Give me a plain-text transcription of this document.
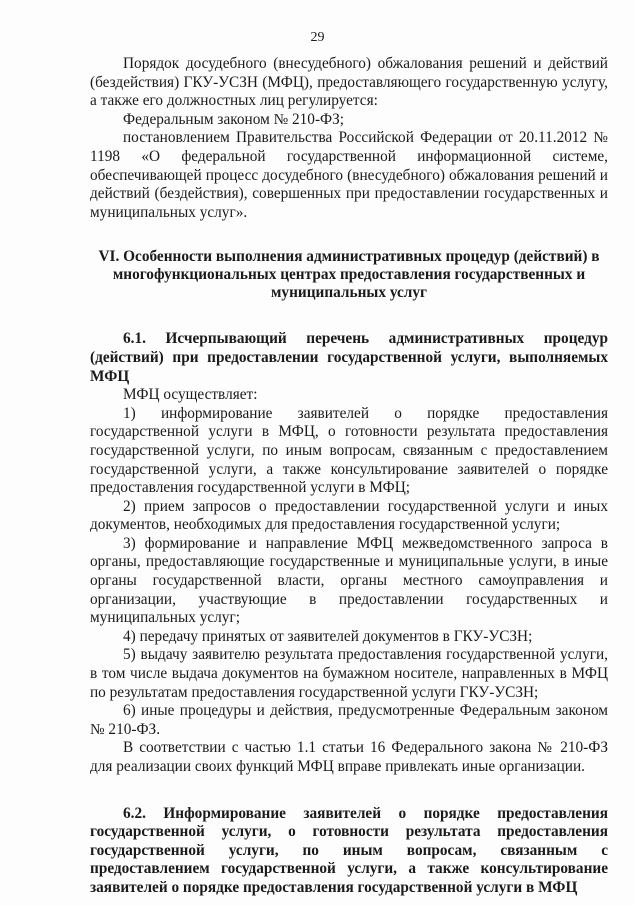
29

Порядок досудебного (внесудебного) обжалования решений и действий (бездействия) ГКУ-УСЗН (МФЦ), предоставляющего государственную услугу, а также его должностных лиц регулируется:

Федеральным законом № 210-ФЗ;

постановлением Правительства Российской Федерации от 20.11.2012 № 1198 «О федеральной государственной информационной системе, обеспечивающей процесс досудебного (внесудебного) обжалования решений и действий (бездействия), совершенных при предоставлении государственных и муниципальных услуг».

VI. Особенности выполнения административных процедур (действий) в многофункциональных центрах предоставления государственных и муниципальных услуг

6.1. Исчерпывающий перечень административных процедур (действий) при предоставлении государственной услуги, выполняемых МФЦ

МФЦ осуществляет:

1) информирование заявителей о порядке предоставления государственной услуги в МФЦ, о готовности результата предоставления государственной услуги, по иным вопросам, связанным с предоставлением государственной услуги, а также консультирование заявителей о порядке предоставления государственной услуги в МФЦ;

2) прием запросов о предоставлении государственной услуги и иных документов, необходимых для предоставления государственной услуги;

3) формирование и направление МФЦ межведомственного запроса в органы, предоставляющие государственные и муниципальные услуги, в иные органы государственной власти, органы местного самоуправления и организации, участвующие в предоставлении государственных и муниципальных услуг;

4) передачу принятых от заявителей документов в ГКУ-УСЗН;

5) выдачу заявителю результата предоставления государственной услуги, в том числе выдача документов на бумажном носителе, направленных в МФЦ по результатам предоставления государственной услуги ГКУ-УСЗН;

6) иные процедуры и действия, предусмотренные Федеральным законом № 210-ФЗ.

В соответствии с частью 1.1 статьи 16 Федерального закона № 210-ФЗ для реализации своих функций МФЦ вправе привлекать иные организации.

6.2. Информирование заявителей о порядке предоставления государственной услуги, о готовности результата предоставления государственной услуги, по иным вопросам, связанным с предоставлением государственной услуги, а также консультирование заявителей о порядке предоставления государственной услуги в МФЦ
